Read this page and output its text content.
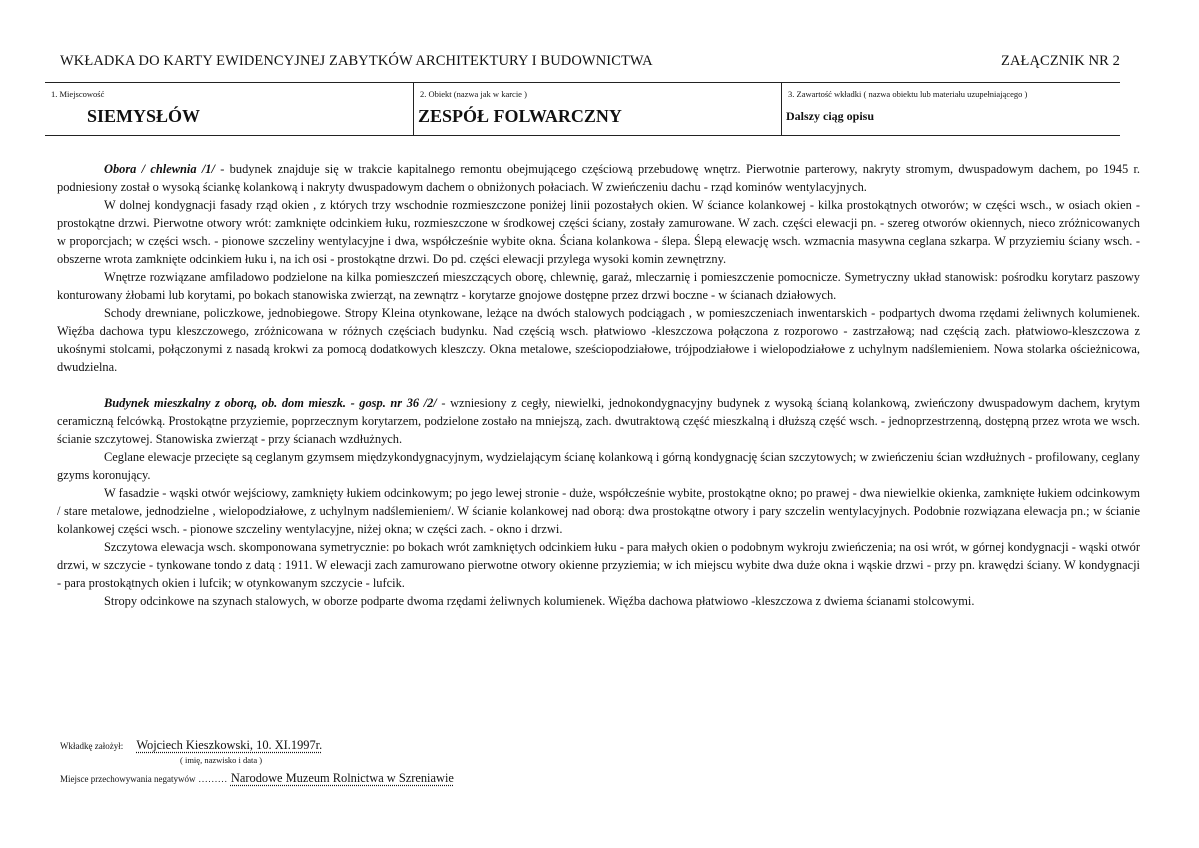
WKŁADKA DO KARTY EWIDENCYJNEJ ZABYTKÓW ARCHITEKTURY I BUDOWNICTWA	ZAŁĄCZNIK NR 2
1. Miejscowość
SIEMYSŁÓW
2. Obiekt (nazwa jak w karcie )
ZESPÓŁ FOLWARCZNY
3. Zawartość wkładki ( nazwa obiektu lub materiału uzupełniającego )
Dalszy ciąg opisu

Obora / chlewnia /1/ - budynek znajduje się w trakcie kapitalnego remontu obejmującego częściową przebudowę wnętrz. Pierwotnie parterowy, nakryty stromym, dwuspadowym dachem, po 1945 r. podniesiony został o wysoką ściankę kolankową i nakryty dwuspadowym dachem o obniżonych połaciach. W zwieńczeniu dachu - rząd kominów wentylacyjnych.

W dolnej kondygnacji fasady rząd okien , z których trzy wschodnie rozmieszczone poniżej linii pozostałych okien. W ściance kolankowej - kilka prostokątnych otworów; w części wsch., w osiach okien - prostokątne drzwi. Pierwotne otwory wrót: zamknięte odcinkiem łuku, rozmieszczone w środkowej części ściany, zostały zamurowane. W zach. części elewacji pn. - szereg otworów okiennych, nieco zróżnicowanych w proporcjach; w części wsch. - pionowe szczeliny wentylacyjne i dwa, współcześnie wybite okna. Ściana kolankowa - ślepa. Ślepą elewację wsch. wzmacnia masywna ceglana szkarpa. W przyziemiu ściany wsch. - obszerne wrota zamknięte odcinkiem łuku i, na ich osi - prostokątne drzwi. Do pd. części elewacji przylega wysoki komin zewnętrzny.

Wnętrze rozwiązane amfiladowo podzielone na kilka pomieszczeń mieszczących oborę, chlewnię, garaż, mleczarnię i pomieszczenie pomocnicze. Symetryczny układ stanowisk: pośrodku korytarz paszowy konturowany żłobami lub korytami, po bokach stanowiska zwierząt, na zewnątrz - korytarze gnojowe dostępne przez drzwi boczne - w ścianach działowych.

Schody drewniane, policzkowe, jednobiegowe. Stropy Kleina otynkowane, leżące na dwóch stalowych podciągach , w pomieszczeniach inwentarskich - podpartych dwoma rzędami żeliwnych kolumienek. Więźba dachowa typu kleszczowego, zróżnicowana w różnych częściach budynku. Nad częścią wsch. płatwiowo -kleszczowa połączona z rozporowo - zastrzałową; nad częścią zach. płatwiowo-kleszczowa z ukośnymi stolcami, połączonymi z nasadą krokwi za pomocą dodatkowych kleszczy. Okna metalowe, sześciopodziałowe, trójpodziałowe i wielopodziałowe z uchylnym nadślemieniem. Nowa stolarka ościeżnicowa, dwudzielna.

Budynek mieszkalny z oborą, ob. dom mieszk. - gosp. nr 36 /2/ - wzniesiony z cegły, niewielki, jednokondygnacyjny budynek z wysoką ścianą kolankową, zwieńczony dwuspadowym dachem, krytym ceramiczną felcówką. Prostokątne przyziemie, poprzecznym korytarzem, podzielone zostało na mniejszą, zach. dwutraktową część mieszkalną i dłuższą część wsch. - jednoprzestrzenną, dostępną przez wrota we wsch. ścianie szczytowej. Stanowiska zwierząt - przy ścianach wzdłużnych.

Ceglane elewacje przecięte są ceglanym gzymsem międzykondygnacyjnym, wydzielającym ścianę kolankową i górną kondygnację ścian szczytowych; w zwieńczeniu ścian wzdłużnych - profilowany, ceglany gzyms koronujący.

W fasadzie - wąski otwór wejściowy, zamknięty łukiem odcinkowym; po jego lewej stronie - duże, współcześnie wybite, prostokątne okno; po prawej - dwa niewielkie okienka, zamknięte łukiem odcinkowym / stare metalowe, jednodzielne , wielopodziałowe, z uchylnym nadślemieniem/. W ścianie kolankowej nad oborą: dwa prostokątne otwory i pary szczelin wentylacyjnych. Podobnie rozwiązana elewacja pn.; w ścianie kolankowej części wsch. - pionowe szczeliny wentylacyjne, niżej okna; w części zach. - okno i drzwi.

Szczytowa elewacja wsch. skomponowana symetrycznie: po bokach wrót zamkniętych odcinkiem łuku - para małych okien o podobnym wykroju zwieńczenia; na osi wrót, w górnej kondygnacji - wąski otwór drzwi, w szczycie - tynkowane tondo z datą : 1911. W elewacji zach zamurowano pierwotne otwory okienne przyziemia; w ich miejscu wybite dwa duże okna i wąskie drzwi - przy pn. krawędzi ściany. W kondygnacji - para prostokątnych okien i lufcik; w otynkowanym szczycie - lufcik.

Stropy odcinkowe na szynach stalowych, w oborze podparte dwoma rzędami żeliwnych kolumienek. Więźba dachowa płatwiowo -kleszczowa z dwiema ścianami stolcowymi.

Wkładkę założył: Wojciech Kieszkowski, 10. XI.1997r.
( imię, nazwisko i data )
Miejsce przechowywania negatywów ......... Narodowe Muzeum Rolnictwa w Szreniawie
